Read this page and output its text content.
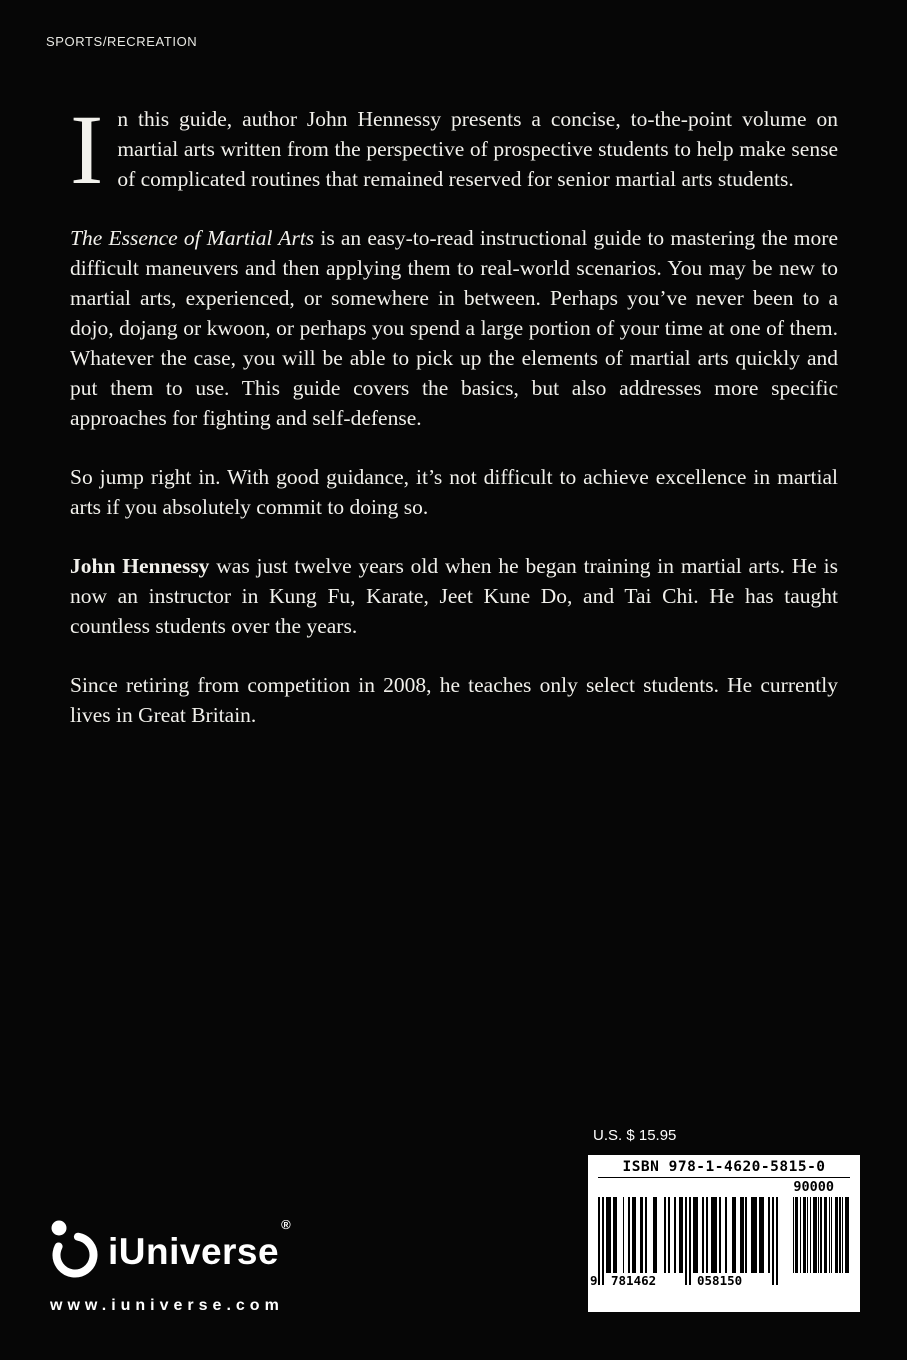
SPORTS/RECREATION

In this guide, author John Hennessy presents a concise, to-the-point volume on martial arts written from the perspective of prospective students to help make sense of complicated routines that remained reserved for senior martial arts students.

The Essence of Martial Arts is an easy-to-read instructional guide to mastering the more difficult maneuvers and then applying them to real-world scenarios. You may be new to martial arts, experienced, or somewhere in between. Perhaps you’ve never been to a dojo, dojang or kwoon, or perhaps you spend a large portion of your time at one of them. Whatever the case, you will be able to pick up the elements of martial arts quickly and put them to use. This guide covers the basics, but also addresses more specific approaches for fighting and self-defense.

So jump right in. With good guidance, it’s not difficult to achieve excellence in martial arts if you absolutely commit to doing so.

John Hennessy was just twelve years old when he began training in martial arts. He is now an instructor in Kung Fu, Karate, Jeet Kune Do, and Tai Chi. He has taught countless students over the years.

Since retiring from competition in 2008, he teaches only select students. He currently lives in Great Britain.

U.S. $ 15.95
ISBN 978-1-4620-5815-0
90000
9 781462	058150
iUniverse®
www.iuniverse.com
